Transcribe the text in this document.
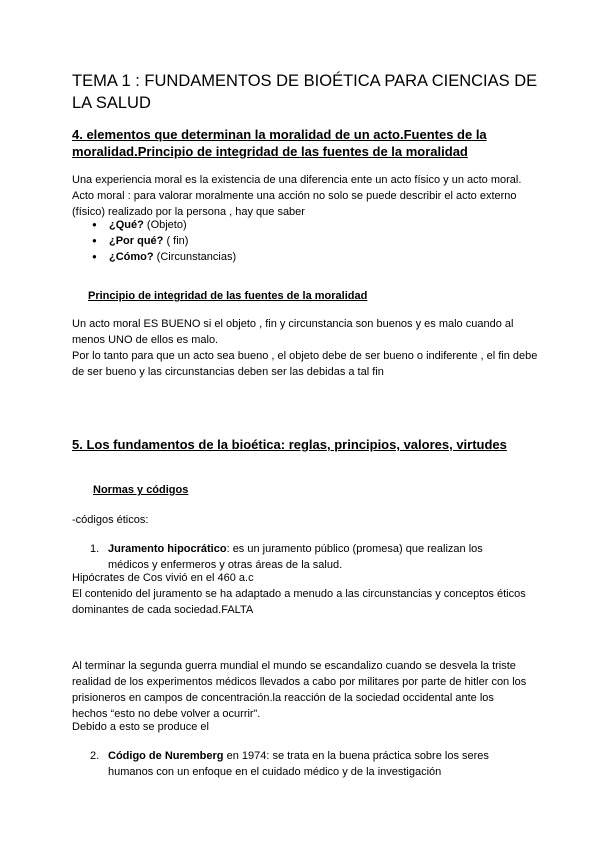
TEMA 1 : FUNDAMENTOS DE BIOÉTICA PARA CIENCIAS DE LA SALUD
4. elementos que determinan la moralidad de un acto.Fuentes de la moralidad.Principio de integridad de las fuentes de la moralidad
Una experiencia moral es la existencia de una diferencia ente un acto físico y un acto moral.
Acto moral : para valorar moralmente una acción no solo se puede describir el acto externo (físico) realizado por la persona , hay que saber
● ¿Qué? (Objeto)
● ¿Por qué? ( fin)
● ¿Cómo? (Circunstancias)
Principio de integridad de las fuentes de la moralidad
Un acto moral ES BUENO si el objeto , fin y circunstancia son buenos y es malo cuando al menos UNO de ellos es malo.
Por lo tanto para que un acto sea bueno , el objeto debe de ser bueno o indiferente , el fin debe de ser bueno y las circunstancias deben ser las debidas a tal fin
5. Los fundamentos de la bioética: reglas, principios, valores, virtudes
Normas y códigos
-códigos éticos:
1. Juramento hipocrático: es un juramento público (promesa) que realizan los médicos y enfermeros y otras áreas de la salud.
Hipócrates de Cos vivió en el 460 a.c
El contenido del juramento se ha adaptado a menudo a las circunstancias y conceptos éticos dominantes de cada sociedad.FALTA
Al terminar la segunda guerra mundial el mundo se escandalizo cuando se desvela la triste realidad de los experimentos médicos llevados a cabo por militares por parte de hitler con los prisioneros en campos de concentración.la reacción de la sociedad occidental ante los hechos “esto no debe volver a ocurrir”.
Debido a esto se produce el
2. Código de Nuremberg en 1974: se trata en la buena práctica sobre los seres humanos con un enfoque en el cuidado médico y de la investigación
